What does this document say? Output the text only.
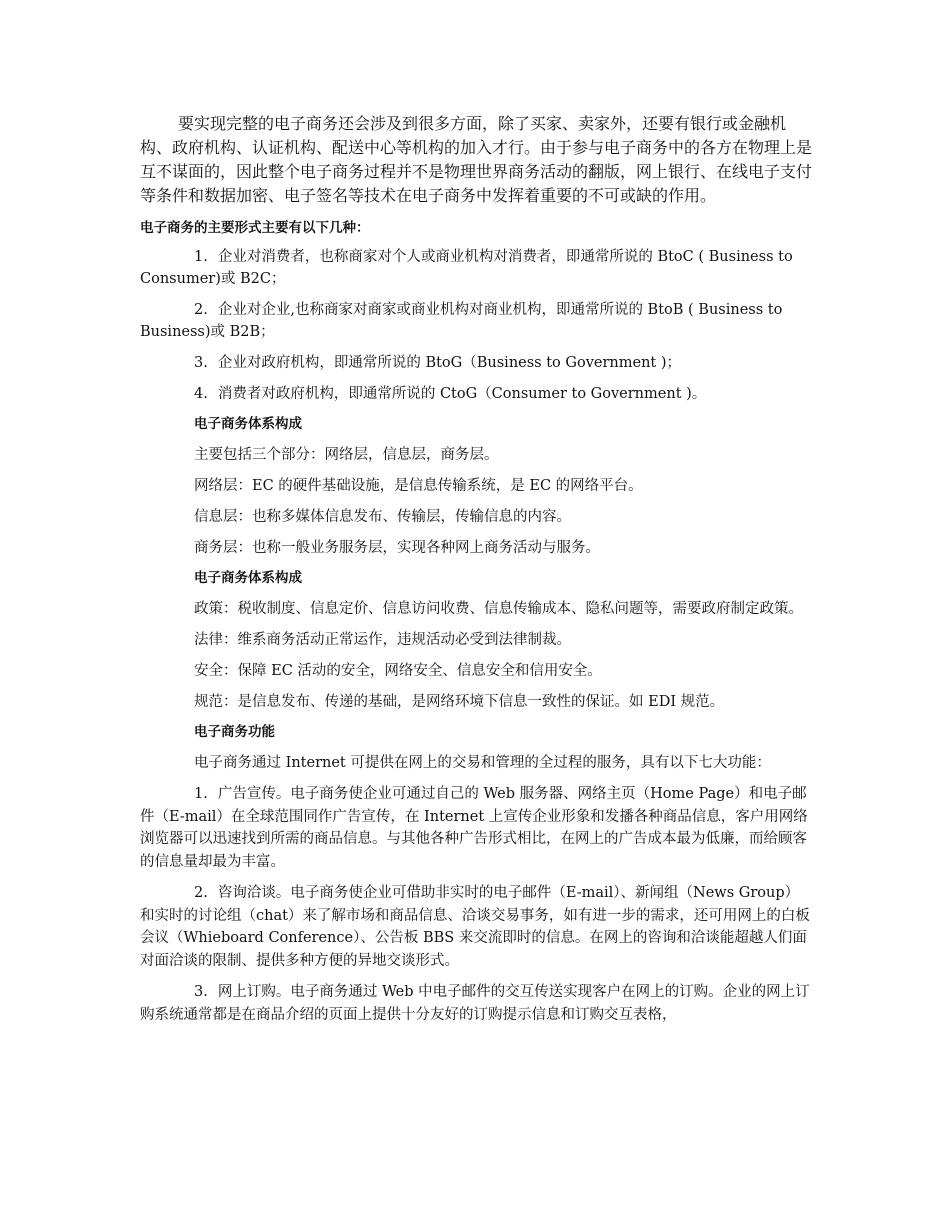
要实现完整的电子商务还会涉及到很多方面，除了买家、卖家外，还要有银行或金融机构、政府机构、认证机构、配送中心等机构的加入才行。由于参与电子商务中的各方在物理上是互不谋面的，因此整个电子商务过程并不是物理世界商务活动的翻版，网上银行、在线电子支付等条件和数据加密、电子签名等技术在电子商务中发挥着重要的不可或缺的作用。

电子商务的主要形式主要有以下几种：

1. 企业对消费者，也称商家对个人或商业机构对消费者，即通常所说的 BtoC ( Business to Consumer)或 B2C；

2. 企业对企业,也称商家对商家或商业机构对商业机构，即通常所说的 BtoB ( Business to Business)或 B2B；

3. 企业对政府机构，即通常所说的 BtoG（Business to Government )；

4. 消费者对政府机构，即通常所说的 CtoG（Consumer to Government )。

电子商务体系构成

主要包括三个部分：网络层，信息层，商务层。

网络层：EC 的硬件基础设施，是信息传输系统，是 EC 的网络平台。

信息层：也称多媒体信息发布、传输层，传输信息的内容。

商务层：也称一般业务服务层，实现各种网上商务活动与服务。

电子商务体系构成

政策：税收制度、信息定价、信息访问收费、信息传输成本、隐私问题等，需要政府制定政策。

法律：维系商务活动正常运作，违规活动必受到法律制裁。

安全：保障 EC 活动的安全，网络安全、信息安全和信用安全。

规范：是信息发布、传递的基础，是网络环境下信息一致性的保证。如 EDI 规范。

电子商务功能

电子商务通过 Internet 可提供在网上的交易和管理的全过程的服务，具有以下七大功能：

1. 广告宣传。电子商务使企业可通过自己的 Web 服务器、网络主页（Home Page）和电子邮件（E-mail）在全球范围同作广告宣传，在 Internet 上宣传企业形象和发播各种商品信息，客户用网络浏览器可以迅速找到所需的商品信息。与其他各种广告形式相比，在网上的广告成本最为低廉，而给顾客的信息量却最为丰富。

2. 咨询洽谈。电子商务使企业可借助非实时的电子邮件（E-mail）、新闻组（News Group）和实时的讨论组（chat）来了解市场和商品信息、洽谈交易事务，如有进一步的需求，还可用网上的白板会议（Whieboard Conference）、公告板 BBS 来交流即时的信息。在网上的咨询和洽谈能超越人们面对面洽谈的限制、提供多种方便的异地交谈形式。

3. 网上订购。电子商务通过 Web 中电子邮件的交互传送实现客户在网上的订购。企业的网上订购系统通常都是在商品介绍的页面上提供十分友好的订购提示信息和订购交互表格，
